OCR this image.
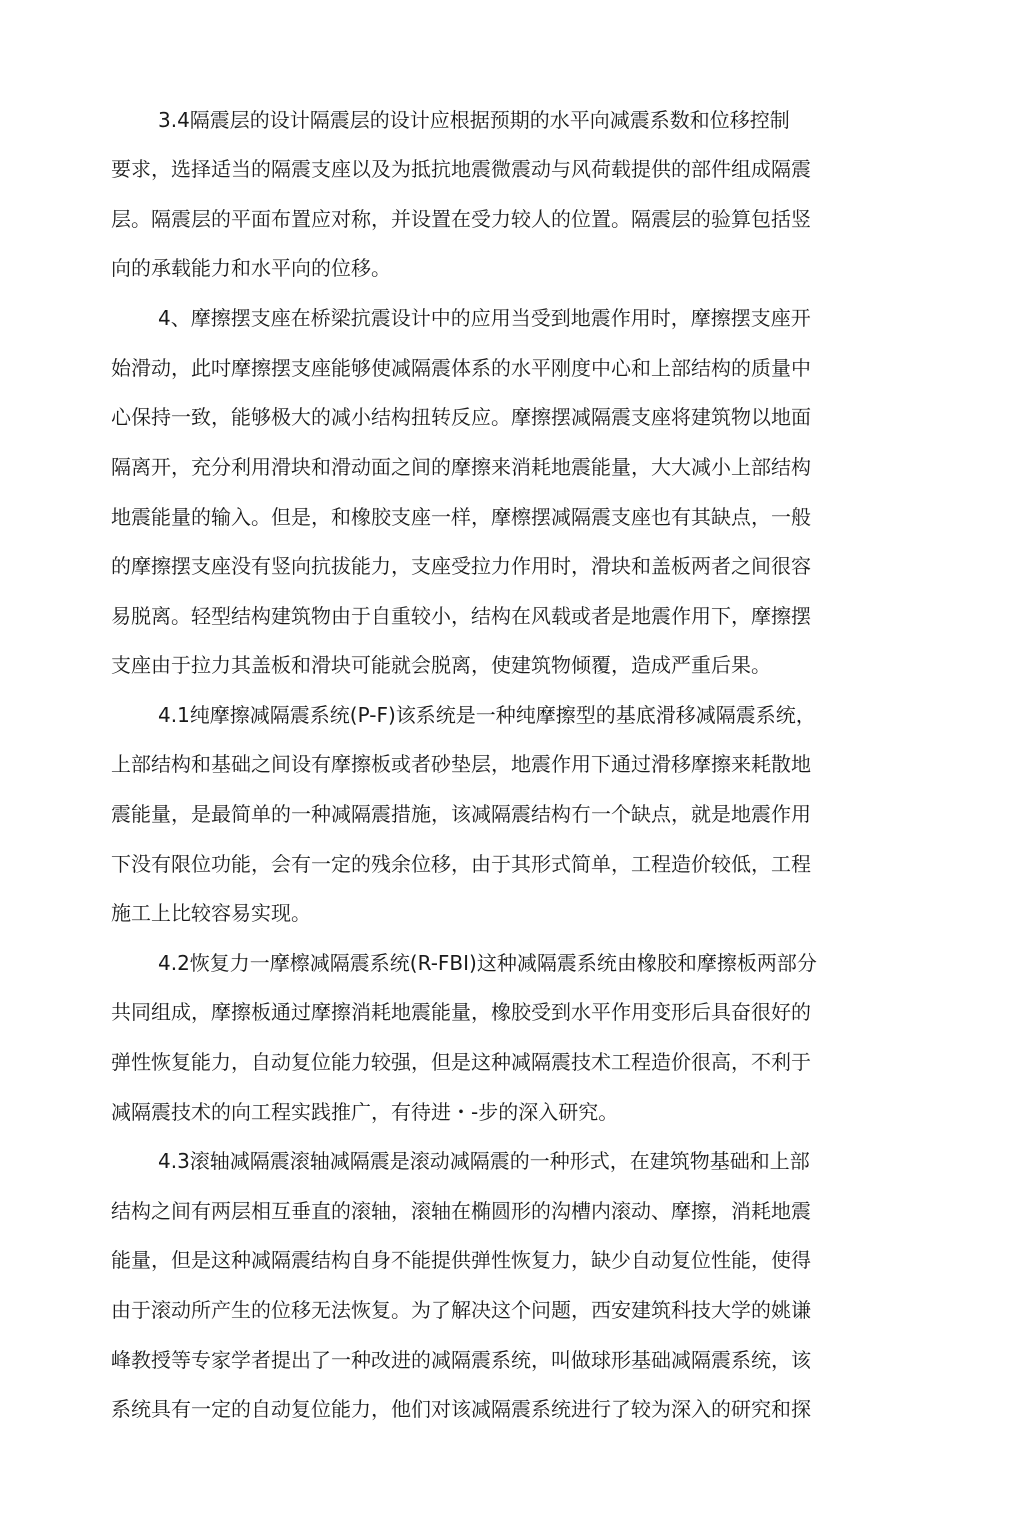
3.4隔震层的设计隔震层的设计应根据预期的水平向减震系数和位移控制
要求，选择适当的隔震支座以及为抵抗地震微震动与风荷载提供的部件组成隔震
层。隔震层的平面布置应对称，并设置在受力较人的位置。隔震层的验算包括竖
向的承载能力和水平向的位移。
4、摩擦摆支座在桥梁抗震设计中的应用当受到地震作用时，摩擦摆支座开
始滑动，此吋摩擦摆支座能够使减隔震体系的水平刚度中心和上部结构的质量中
心保持一致，能够极大的减小结构扭转反应。摩擦摆减隔震支座将建筑物以地面
隔离开，充分利用滑块和滑动面之间的摩擦来消耗地震能量，大大减小上部结构
地震能量的输入。但是，和橡胶支座一样，摩檫摆减隔震支座也有其缺点，一般
的摩擦摆支座没有竖向抗拔能力，支座受拉力作用时，滑块和盖板两者之间很容
易脱离。轻型结构建筑物由于自重较小，结构在风载或者是地震作用下，摩擦摆
支座由于拉力其盖板和滑块可能就会脱离，使建筑物倾覆，造成严重后果。
4.1纯摩擦减隔震系统(P-F)该系统是一种纯摩擦型的基底滑移减隔震系统，
上部结构和基础之间设有摩擦板或者砂垫层，地震作用下通过滑移摩擦来耗散地
震能量，是最简单的一种减隔震措施，该减隔震结构冇一个缺点，就是地震作用
下没有限位功能，会有一定的残余位移，由于其形式简单，工程造价较低，工程
施工上比较容易实现。
4.2恢复力一摩檫减隔震系统(R-FBI)这种减隔震系统由橡胶和摩擦板两部分
共同组成，摩擦板通过摩擦消耗地震能量，橡胶受到水平作用变形后具奋很好的
弹性恢复能力，自动复位能力较强，但是这种减隔震技术工程造价很高，不利于
减隔震技术的向工程实践推广，有待进・-步的深入研究。
4.3滚轴减隔震滚轴减隔震是滚动减隔震的一种形式，在建筑物基础和上部
结构之间有两层相互垂直的滚轴，滚轴在椭圆形的沟槽内滚动、摩擦，消耗地震
能量，但是这种减隔震结构自身不能提供弹性恢复力，缺少自动复位性能，使得
由于滚动所产生的位移无法恢复。为了解决这个问题，西安建筑科技大学的姚谦
峰教授等专家学者提出了一种改进的减隔震系统，叫做球形基础减隔震系统，该
系统具有一定的自动复位能力，他们对该减隔震系统进行了较为深入的研究和探
